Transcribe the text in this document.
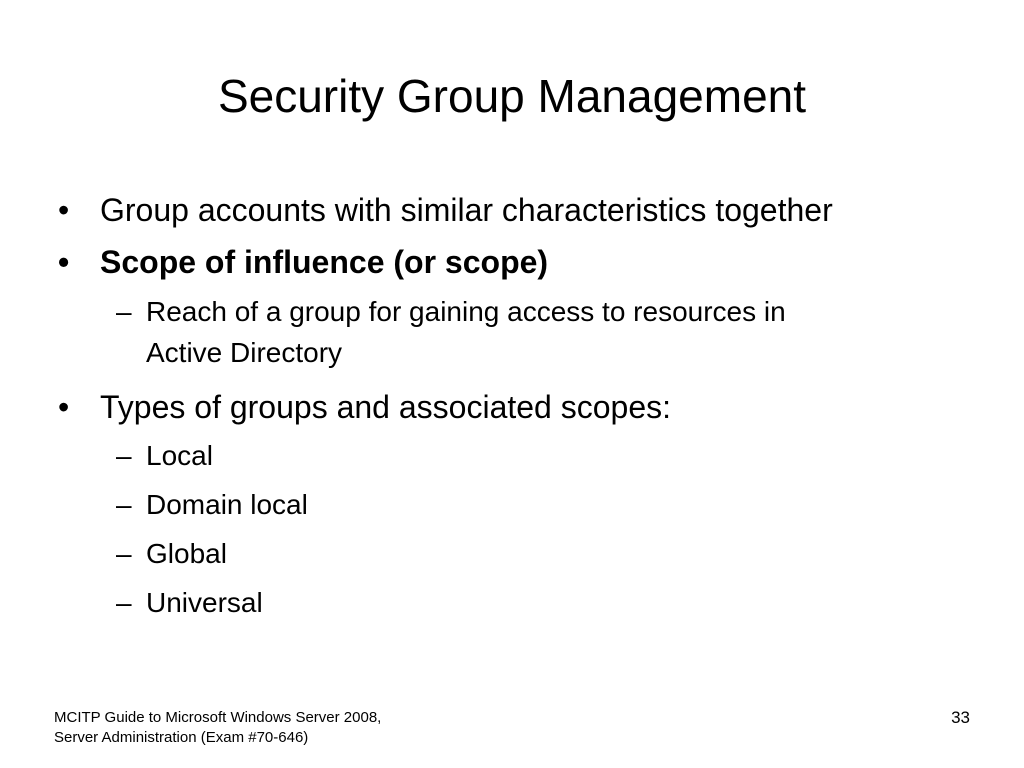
Security Group Management
• Group accounts with similar characteristics together
• Scope of influence (or scope)
– Reach of a group for gaining access to resources in
Active Directory
• Types of groups and associated scopes:
– Local
– Domain local
– Global
– Universal
MCITP Guide to Microsoft Windows Server 2008,
Server Administration (Exam #70-646)
33
